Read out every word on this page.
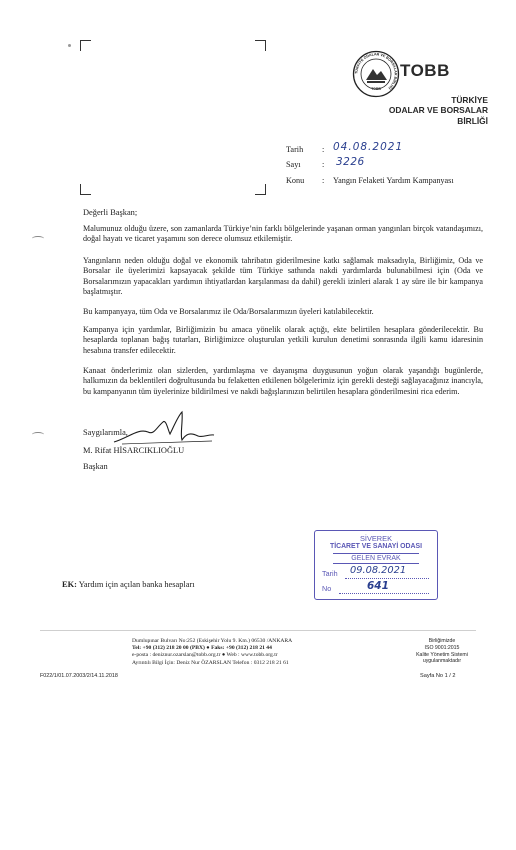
TÜRKİYE ODALAR VE BORSALAR BİRLİĞİ
TOBB
TOBB
TÜRKİYE
ODALAR VE BORSALAR
BİRLİĞİ
Tarih : 04.08.2021
Sayı	: 3226
Konu : Yangın Felaketi Yardım Kampanyası
Değerli Başkan;
Malumunuz olduğu üzere, son zamanlarda Türkiye’nin farklı bölgelerinde yaşanan orman yangınları birçok vatandaşımızı, doğal hayatı ve ticaret yaşamını son derece olumsuz etkilemiştir.
Yangınların neden olduğu doğal ve ekonomik tahribatın giderilmesine katkı sağlamak maksadıyla, Birliğimiz, Oda ve Borsalar ile üyelerimizi kapsayacak şekilde tüm Türkiye sathında nakdi yardımlarda bulunabilmesi için (Oda ve Borsalarımızın yapacakları yardımın ihtiyatlardan karşılanması da dahil) gerekli izinleri alarak 1 ay süre ile bir kampanya başlatmıştır.
Bu kampanyaya, tüm Oda ve Borsalarımız ile Oda/Borsalarımızın üyeleri katılabilecektir.
Kampanya için yardımlar, Birliğimizin bu amaca yönelik olarak açtığı, ekte belirtilen hesaplara gönderilecektir. Bu hesaplarda toplanan bağış tutarları, Birliğimizce oluşturulan yetkili kurulun denetimi sonrasında ilgili kamu idaresinin hesabına transfer edilecektir.
Kanaat önderlerimiz olan sizlerden, yardımlaşma ve dayanışma duygusunun yoğun olarak yaşandığı bugünlerde, halkımızın da beklentileri doğrultusunda bu felaketten etkilenen bölgelerimiz için gerekli desteği sağlayacağınız inancıyla, bu kampanyanın tüm üyelerinize bildirilmesi ve nakdi bağışlarınızın belirtilen hesaplara gönderilmesini rica ederim.
Saygılarımla,
M. Rifat HİSARCIKLIOĞLU
Başkan
SİVEREK
TİCARET VE SANAYİ ODASI
GELEN EVRAK
Tarih 09.08.2021
No	641
EK: Yardım için açılan banka hesapları
Dumlupınar Bulvarı No:252 (Eskişehir Yolu 9. Km.) 06530 /ANKARA
Tel: +90 (312) 218 20 00 (PBX) ● Faks: +90 (312) 218 21 44
e-posta : deniznur.ozarslan@tobb.org.tr ● Web : www.tobb.org.tr
Ayrıntılı Bilgi İçin: Deniz Nur ÖZARSLAN Telefon : 0312 218 21 61
Birliğimizde
ISO 9001:2015
Kalite Yönetim Sistemi
uygulanmaktadır
F022/1/01.07.2003/2/14.11.2018	Sayfa No 1 / 2
